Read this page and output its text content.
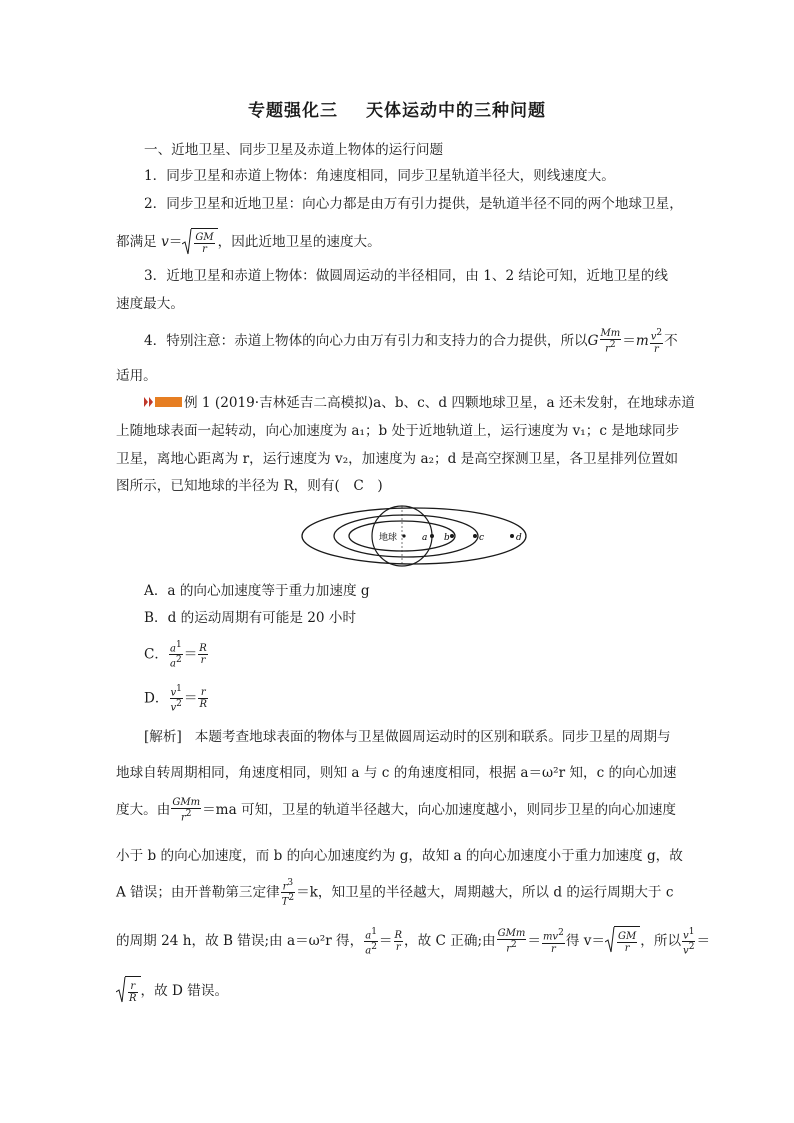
专题强化三 天体运动中的三种问题
一、近地卫星、同步卫星及赤道上物体的运行问题
1．同步卫星和赤道上物体：角速度相同，同步卫星轨道半径大，则线速度大。
2．同步卫星和近地卫星：向心力都是由万有引力提供，是轨道半径不同的两个地球卫星，
都满足 $v= \frac{GM}{r}$ ，因此近地卫星的速度大。
3．近地卫星和赤道上物体：做圆周运动的半径相同，由 1、2 结论可知，近地卫星的线
速度最大。
4．特别注意：赤道上物体的向心力由万有引力和支持力的合力提供，所以G $\frac{Mm}{r^2} =m \frac{v^2}{r}$ 不
适用。
例 1 (2019·吉林延吉二高模拟)a、b、c、d 四颗地球卫星，a 还未发射，在地球赤道
上随地球表面一起转动，向心加速度为 a₁；b 处于近地轨道上，运行速度为 v₁；c 是地球同步
卫星，离地心距离为 r，运行速度为 v₂，加速度为 a₂；d 是高空探测卫星，各卫星排列位置如
图所示，已知地球的半径为 R，则有(　C　)
地球	a b	c	d
A．a 的向心加速度等于重力加速度 g
B．d 的运动周期有可能是 20 小时
C． $\frac{a^1}{a^2} = \frac{R}{r}$
D． $\frac{v^1}{v^2} = \frac{r}{R}$
[解析] 本题考查地球表面的物体与卫星做圆周运动时的区别和联系。同步卫星的周期与
地球自转周期相同，角速度相同，则知 a 与 c 的角速度相同，根据 a＝ω²r 知，c 的向心加速
度大。由 $\frac{\text{GMm}}{r^2} =ma$ 可知，卫星的轨道半径越大，向心加速度越小，则同步卫星的向心加速度
小于 b 的向心加速度，而 b 的向心加速度约为 g，故知 a 的向心加速度小于重力加速度 g，故
A 错误；由开普勒第三定律 $\frac{r^3}{T^2} =k$，知卫星的半径越大，周期越大，所以 d 的运行周期大于 c
的周期 24 h，故 B 错误;由 a＝ω²r 得， $\frac{a^1}{a^2} = \frac{R}{r}$ ，故 C 正确;由 $\frac{\text{GMm}}{r^2} = \frac{mv^2}{r}$ 得 $v= \frac{GM}{r}$ ，所以 $\frac{v^1}{v^2}$ ＝
$\frac{r}{R}$ ，故 D 错误。
